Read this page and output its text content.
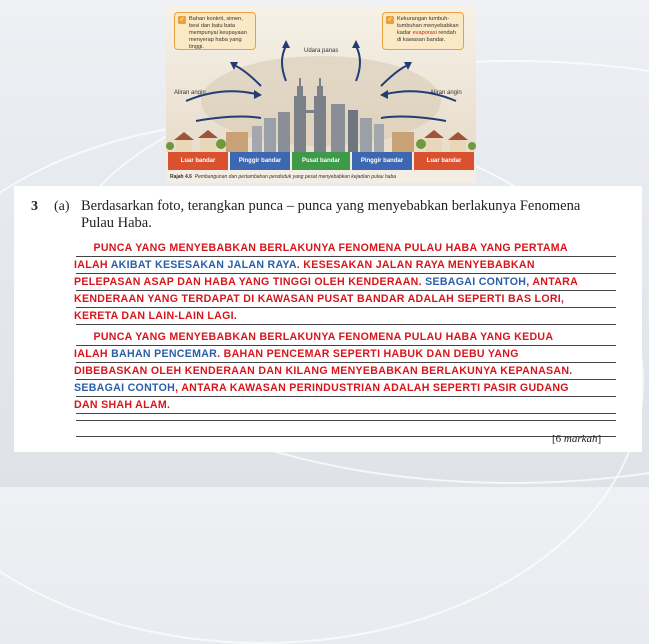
✓ Bahan konkrit, simen, besi dan batu bata mempunyai keupayaan menyerap haba yang tinggi.
✓ Kekurangan tumbuh-tumbuhan menyebabkan kadar evaporasi rendah di kawasan bandar.
Udara panas
Aliran angin	Aliran angin
Luar bandar	Pinggir bandar	Pusat bandar	Pinggir bandar	Luar bandar
Rajah 4.6 Pembangunan dan pertambahan penduduk yang pesat menyebabkan kejadian pulau haba
3 (a) Berdasarkan foto, terangkan punca – punca yang menyebabkan berlakunya Fenomena Pulau Haba.
PUNCA YANG MENYEBABKAN BERLAKUNYA FENOMENA PULAU HABA YANG PERTAMA
IALAH AKIBAT KESESAKAN JALAN RAYA. KESESAKAN JALAN RAYA MENYEBABKAN
PELEPASAN ASAP DAN HABA YANG TINGGI OLEH KENDERAAN. SEBAGAI CONTOH, ANTARA
KENDERAAN YANG TERDAPAT DI KAWASAN PUSAT BANDAR ADALAH SEPERTI BAS LORI,
KERETA DAN LAIN-LAIN LAGI.
PUNCA YANG MENYEBABKAN BERLAKUNYA FENOMENA PULAU HABA YANG KEDUA
IALAH BAHAN PENCEMAR. BAHAN PENCEMAR SEPERTI HABUK DAN DEBU YANG
DIBEBASKAN OLEH KENDERAAN DAN KILANG MENYEBABKAN BERLAKUNYA KEPANASAN.
SEBAGAI CONTOH, ANTARA KAWASAN PERINDUSTRIAN ADALAH SEPERTI PASIR GUDANG
DAN SHAH ALAM.
[6 markah]
